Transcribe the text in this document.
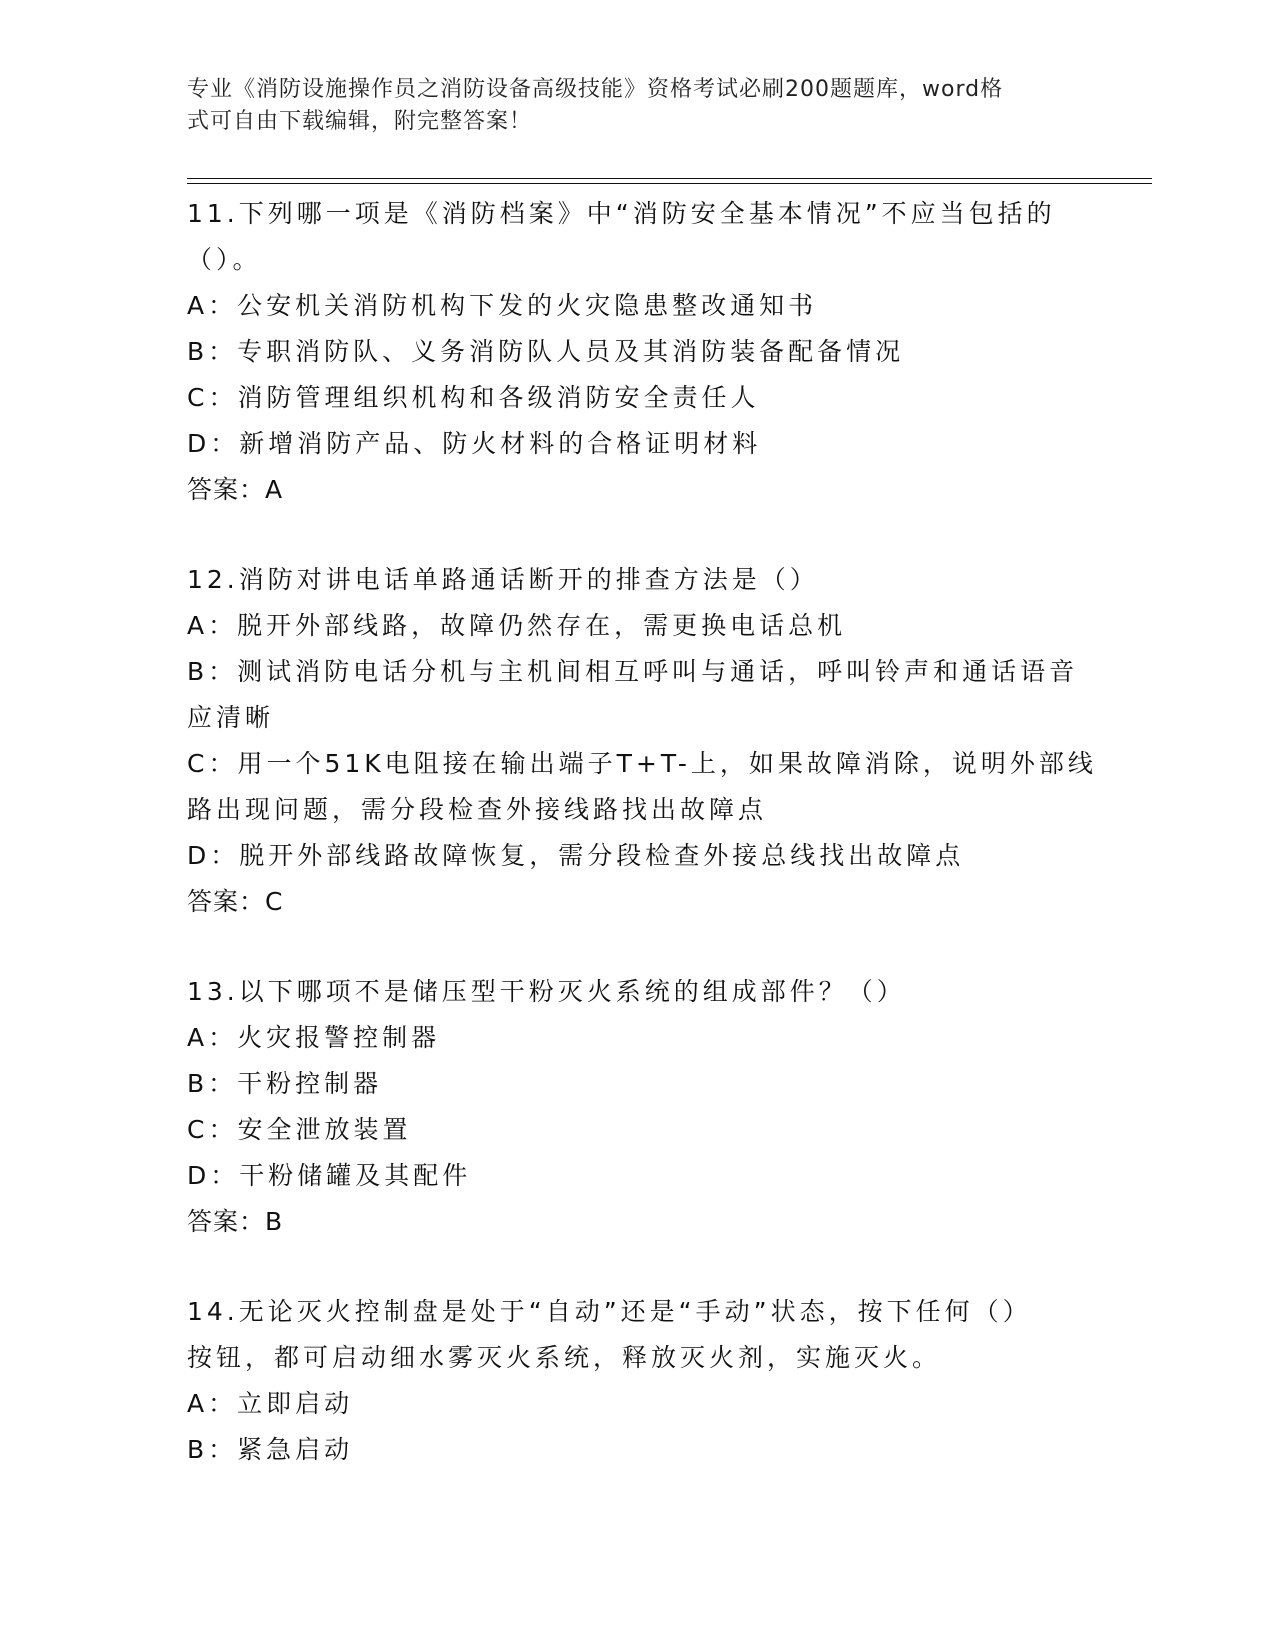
专业《消防设施操作员之消防设备高级技能》资格考试必刷200题题库，word格
式可自由下载编辑，附完整答案！
11.下列哪一项是《消防档案》中“消防安全基本情况”不应当包括的
（）。
A：公安机关消防机构下发的火灾隐患整改通知书
B：专职消防队、义务消防队人员及其消防装备配备情况
C：消防管理组织机构和各级消防安全责任人
D：新增消防产品、防火材料的合格证明材料
答案：A
12.消防对讲电话单路通话断开的排查方法是（）
A：脱开外部线路，故障仍然存在，需更换电话总机
B：测试消防电话分机与主机间相互呼叫与通话，呼叫铃声和通话语音
应清晰
C：用一个51K电阻接在输出端子T+T-上，如果故障消除，说明外部线
路出现问题，需分段检查外接线路找出故障点
D：脱开外部线路故障恢复，需分段检查外接总线找出故障点
答案：C
13.以下哪项不是储压型干粉灭火系统的组成部件？（）
A：火灾报警控制器
B：干粉控制器
C：安全泄放装置
D：干粉储罐及其配件
答案：B
14.无论灭火控制盘是处于“自动”还是“手动”状态，按下任何（）
按钮，都可启动细水雾灭火系统，释放灭火剂，实施灭火。
A：立即启动
B：紧急启动
